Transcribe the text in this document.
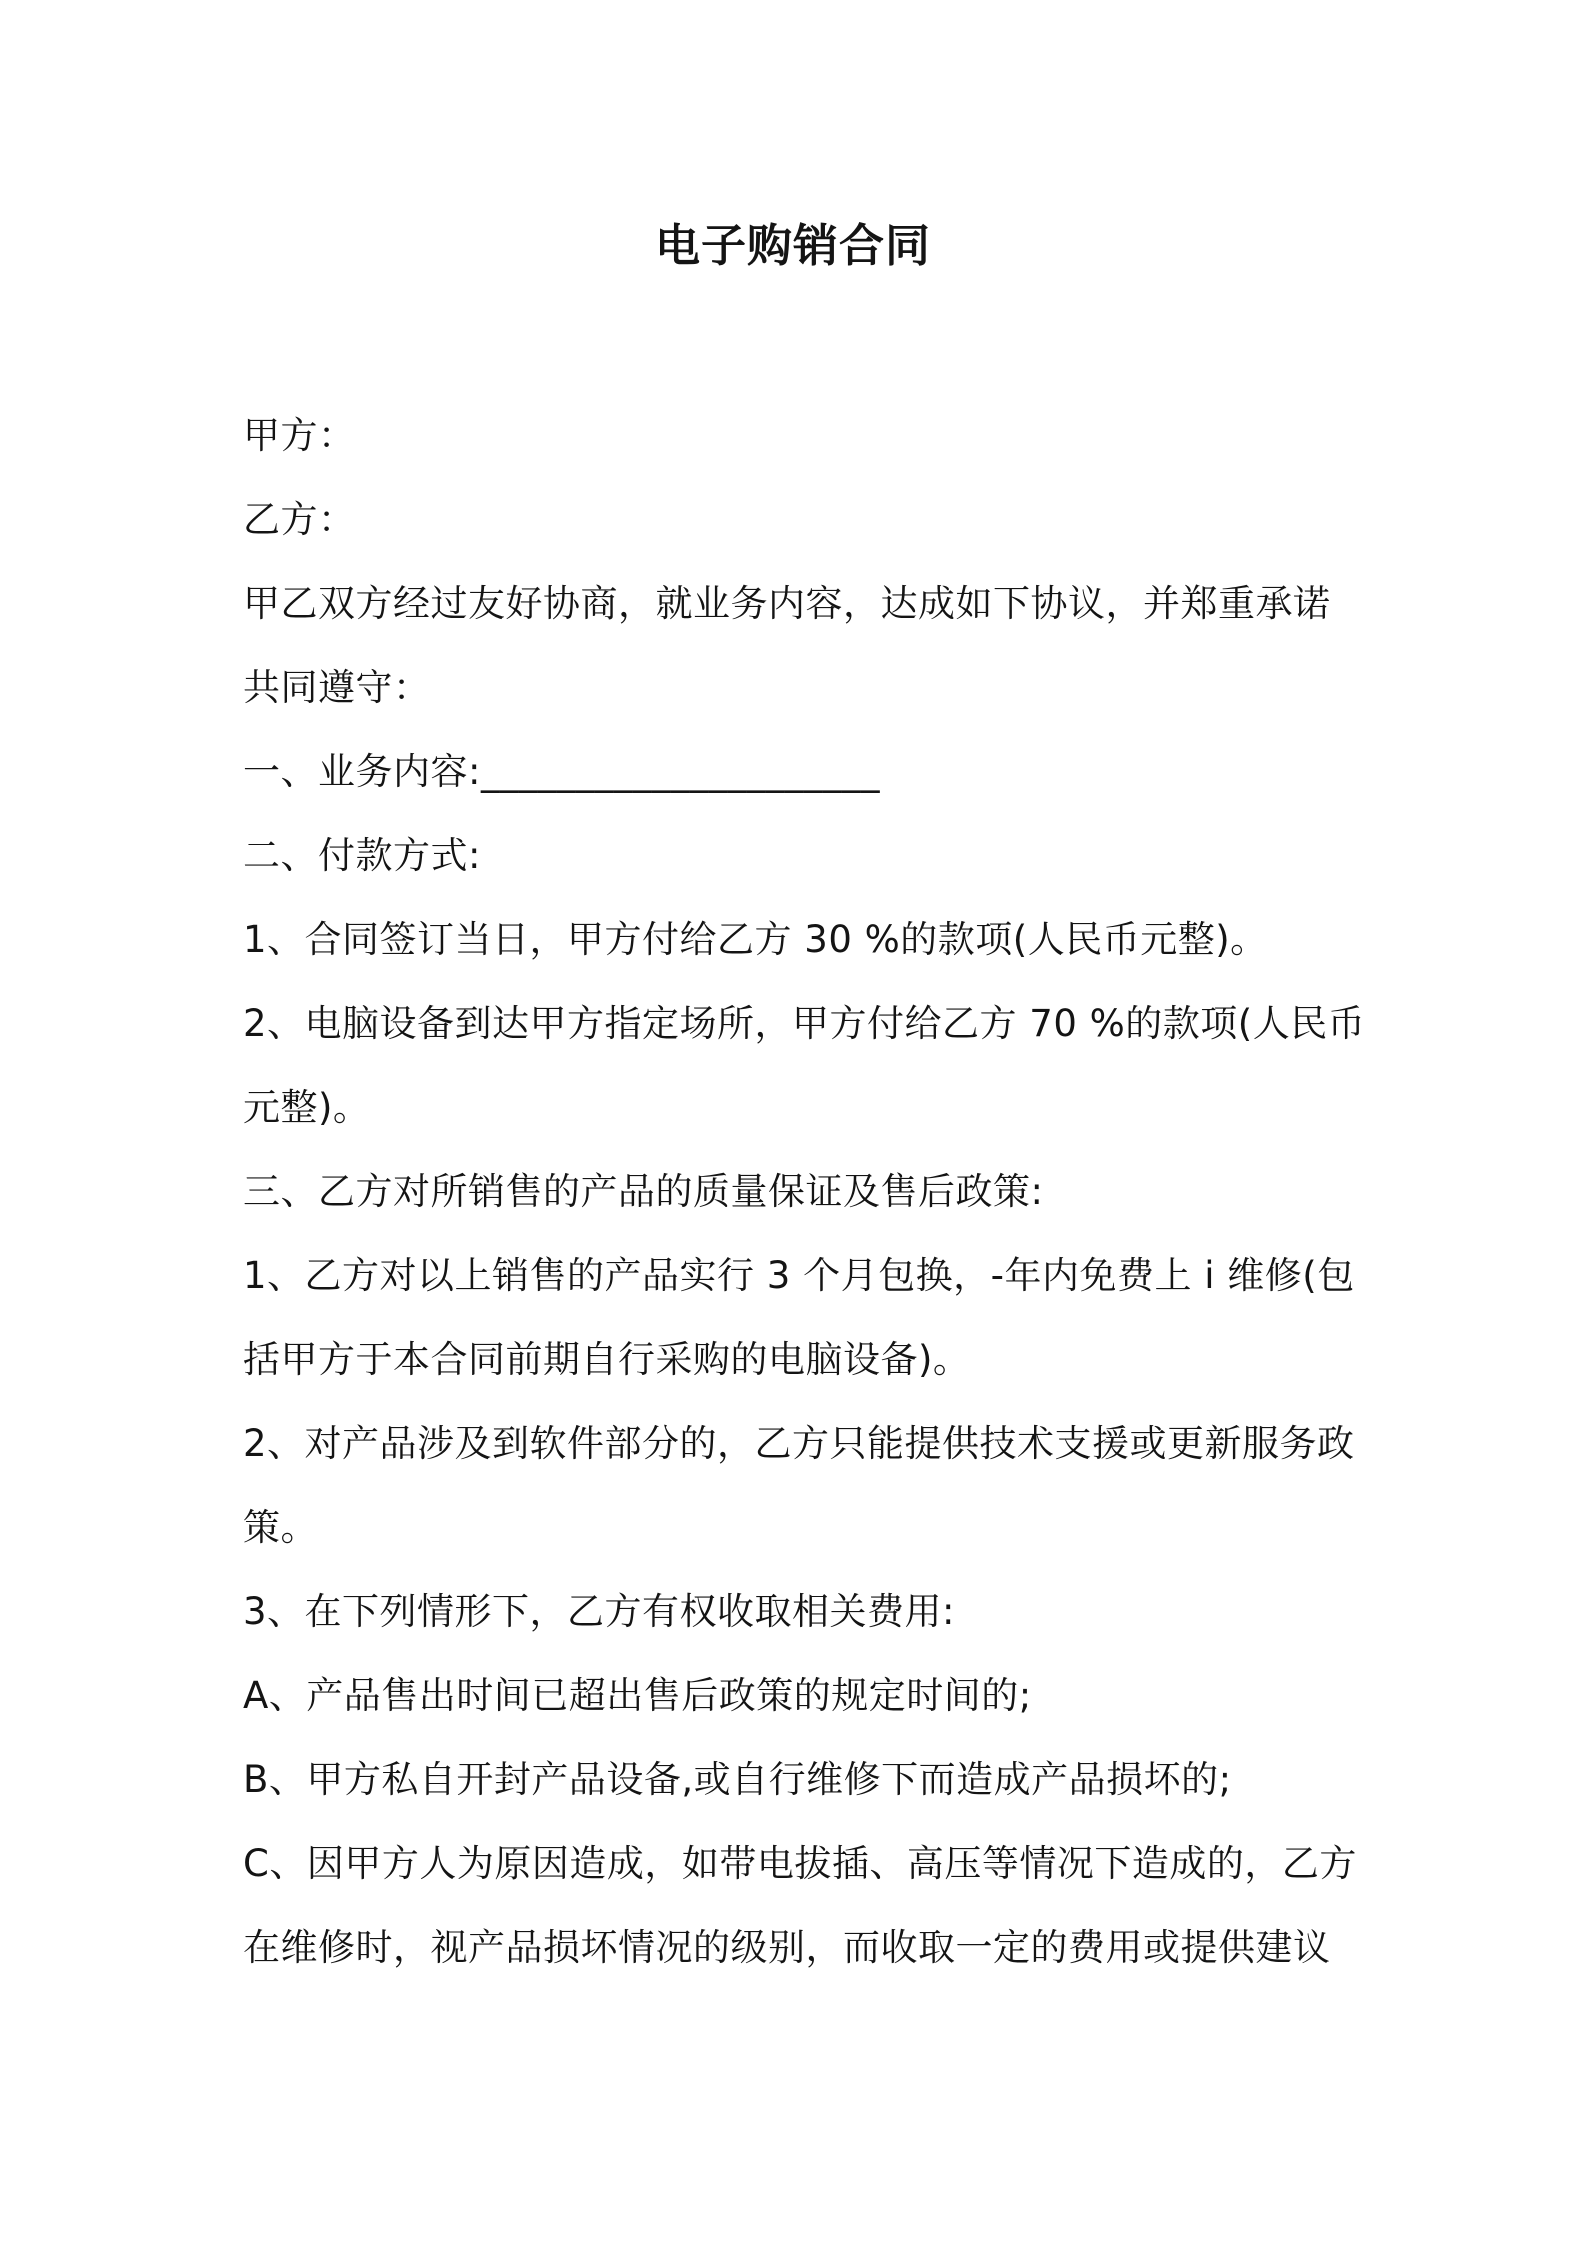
电子购销合同
甲方：
乙方：
甲乙双方经过友好协商，就业务内容，达成如下协议，并郑重承诺
共同遵守：
一、业务内容:_____________________
二、付款方式:
1、合同签订当日，甲方付给乙方 30 %的款项(人民币元整)。
2、电脑设备到达甲方指定场所，甲方付给乙方 70 %的款项(人民币
元整)。
三、乙方对所销售的产品的质量保证及售后政策:
1、乙方对以上销售的产品实行 3 个月包换，-年内免费上 i 维修(包
括甲方于本合同前期自行采购的电脑设备)。
2、对产品涉及到软件部分的，乙方只能提供技术支援或更新服务政
策。
3、在下列情形下，乙方有权收取相关费用:
A、产品售出时间已超出售后政策的规定时间的;
B、甲方私自开封产品设备,或自行维修下而造成产品损坏的;
C、因甲方人为原因造成，如带电拔插、高压等情况下造成的，乙方
在维修时，视产品损坏情况的级别，而收取一定的费用或提供建议
